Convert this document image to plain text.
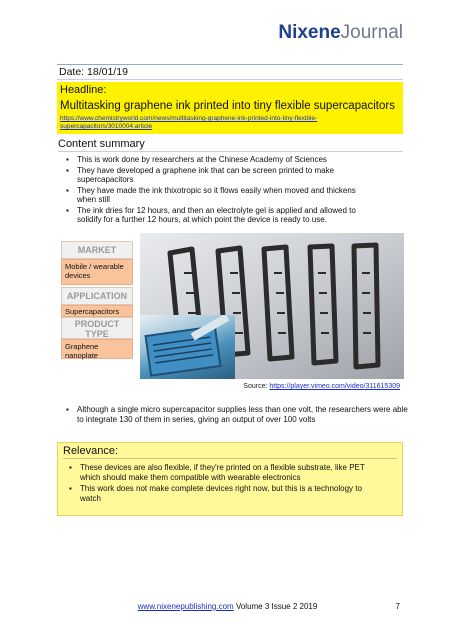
NixeneJournal
Date: 18/01/19
Headline:
Multitasking graphene ink printed into tiny flexible supercapacitors
https://www.chemistryworld.com/news/multitasking-graphene-ink-printed-into-tiny-flexible-supercapacitors/3010004.article
Content summary
▪ This is work done by researchers at the Chinese Academy of Sciences
▪ They have developed a graphene ink that can be screen printed to make supercapacitors
▪ They have made the ink thixotropic so it flows easily when moved and thickens when still
▪ The ink dries for 12 hours, and then an electrolyte gel is applied and allowed to solidify for a further 12 hours, at which point the device is ready to use.
MARKET
Mobile / wearable devices
APPLICATION
Supercapacitors
PRODUCT TYPE
Graphene nanoplate
Source: https://player.vimeo.com/video/311615309
▪ Although a single micro supercapacitor supplies less than one volt, the researchers were able to integrate 130 of them in series, giving an output of over 100 volts
Relevance:
▪ These devices are also flexible, if they're printed on a flexible substrate, like PET which should make them compatible with wearable electronics
▪ This work does not make complete devices right now, but this is a technology to watch
www.nixenepublishing.com Volume 3 Issue 2 2019	7
